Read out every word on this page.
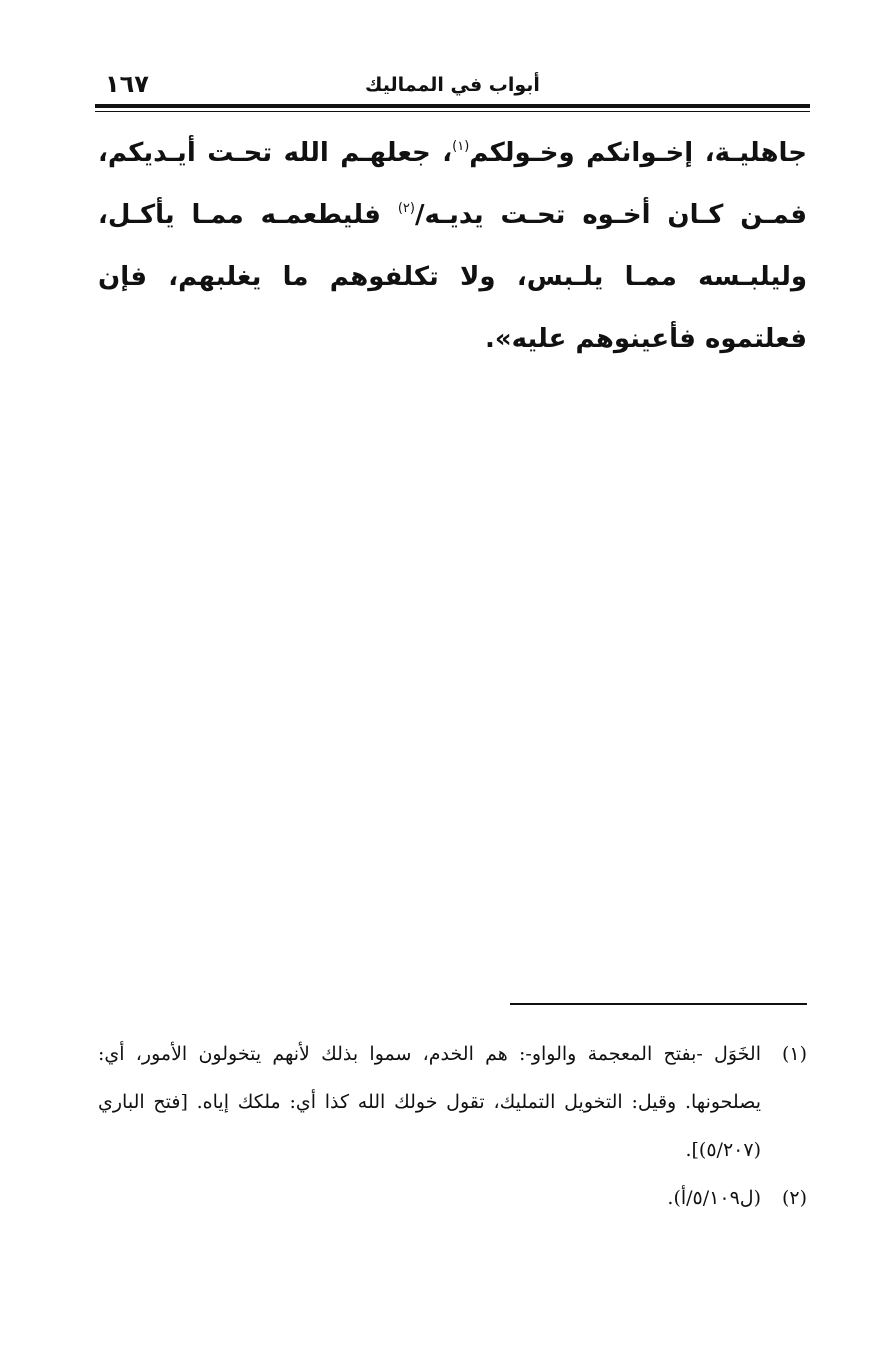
أبواب في المماليك
١٦٧

جاهليـة، إخـوانكم وخـولكم$^{(١)}$، جعلهـم الله تحـت أيـديكم، فمـن كـان أخـوه تحـت يديـه/$^{(٢)}$ فليطعمـه ممـا يأكـل، وليلبـسه ممـا يلـبس، ولا تكلفوهم ما يغلبهم، فإن فعلتموه فأعينوهم عليه».

(١)
الخَوَل -بفتح المعجمة والواو-: هم الخدم، سموا بذلك لأنهم يتخولون الأمور، أي: يصلحونها. وقيل: التخويل التمليك، تقول خولك الله كذا أي: ملكك إياه. [فتح الباري (٥/٢٠٧)].
(٢)
(ل٥/١٠٩/أ).
